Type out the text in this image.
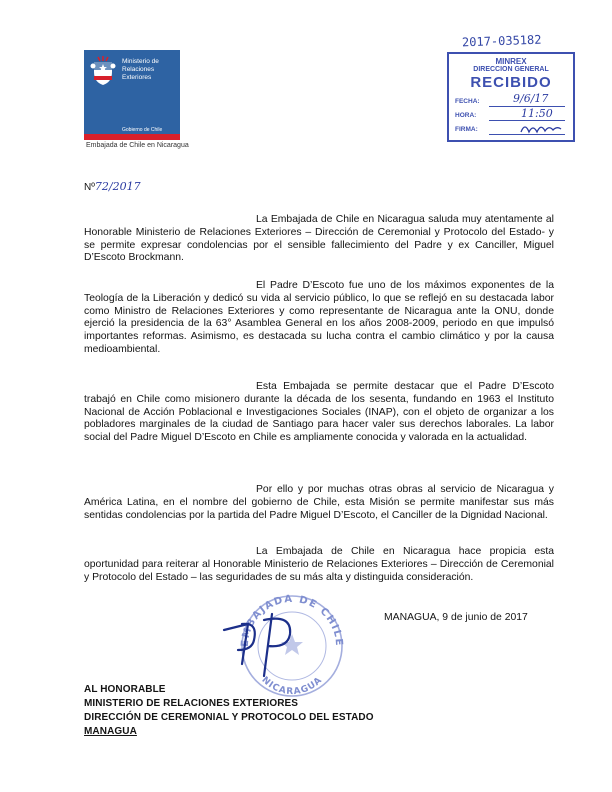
Ministerio de
Relaciones
Exteriores
Gobierno de Chile
Embajada de Chile en Nicaragua
2017-035182
MINREX
DIRECCION GENERAL
RECIBIDO
FECHA:	9/6/17
HORA:	11:50
FIRMA:
Nº72/2017

La Embajada de Chile en Nicaragua saluda muy atentamente al Honorable Ministerio de Relaciones Exteriores – Dirección de Ceremonial y Protocolo del Estado- y se permite expresar condolencias por el sensible fallecimiento del Padre y ex Canciller, Miguel D’Escoto Brockmann.

El Padre D’Escoto fue uno de los máximos exponentes de la Teología de la Liberación y dedicó su vida al servicio público, lo que se reflejó en su destacada labor como Ministro de Relaciones Exteriores y como representante de Nicaragua ante la ONU, donde ejerció la presidencia de la 63° Asamblea General en los años 2008-2009, periodo en que impulsó importantes reformas. Asimismo, es destacada su lucha contra el cambio climático y por la causa medioambiental.

Esta Embajada se permite destacar que el Padre D’Escoto trabajó en Chile como misionero durante la década de los sesenta, fundando en 1963 el Instituto Nacional de Acción Poblacional e Investigaciones Sociales (INAP), con el objeto de organizar a los pobladores marginales de la ciudad de Santiago para hacer valer sus derechos laborales. La labor social del Padre Miguel D’Escoto en Chile es ampliamente conocida y valorada en la actualidad.

Por ello y por muchas otras obras al servicio de Nicaragua y América Latina, en el nombre del gobierno de Chile, esta Misión se permite manifestar sus más sentidas condolencias por la partida del Padre Miguel D’Escoto, el Canciller de la Dignidad Nacional.

La Embajada de Chile en Nicaragua hace propicia esta oportunidad para reiterar al Honorable Ministerio de Relaciones Exteriores – Dirección de Ceremonial y Protocolo del Estado – las seguridades de su más alta y distinguida consideración.

MANAGUA, 9 de junio de 2017
EMBAJADA DE CHILE
NICARAGUA
AL HONORABLE
MINISTERIO DE RELACIONES EXTERIORES
DIRECCIÓN DE CEREMONIAL Y PROTOCOLO DEL ESTADO
MANAGUA
